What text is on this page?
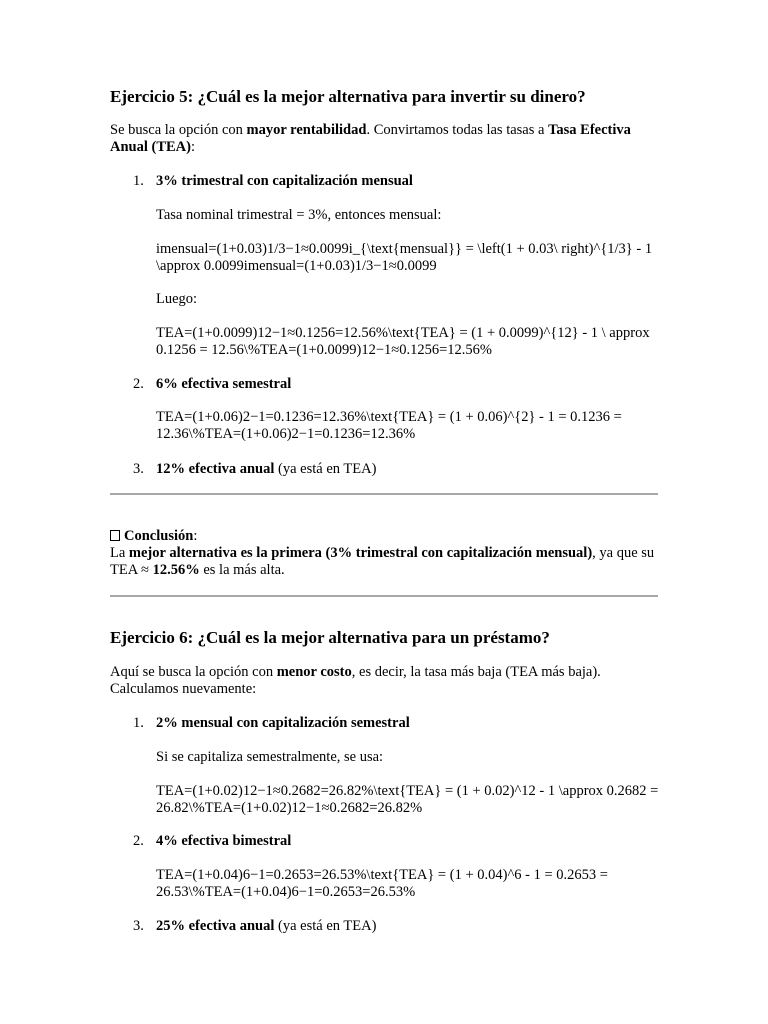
Ejercicio 5: ¿Cuál es la mejor alternativa para invertir su dinero?

Se busca la opción con mayor rentabilidad. Convirtamos todas las tasas a Tasa Efectiva Anual (TEA):

1. 3% trimestral con capitalización mensual

Tasa nominal trimestral = 3%, entonces mensual:

imensual=(1+0.03)1/3−1≈0.0099i_{\text{mensual}} = \left(1 + 0.03\ right)^{1/3} - 1 \approx 0.0099imensual=(1+0.03)1/3−1≈0.0099

Luego:

TEA=(1+0.0099)12−1≈0.1256=12.56%\text{TEA} = (1 + 0.0099)^{12} - 1 \ approx 0.1256 = 12.56\%TEA=(1+0.0099)12−1≈0.1256=12.56%

2. 6% efectiva semestral

TEA=(1+0.06)2−1=0.1236=12.36%\text{TEA} = (1 + 0.06)^{2} - 1 = 0.1236 = 12.36\%TEA=(1+0.06)2−1=0.1236=12.36%

3. 12% efectiva anual (ya está en TEA)

Conclusión:

La mejor alternativa es la primera (3% trimestral con capitalización mensual), ya que su TEA ≈ 12.56% es la más alta.

Ejercicio 6: ¿Cuál es la mejor alternativa para un préstamo?

Aquí se busca la opción con menor costo, es decir, la tasa más baja (TEA más baja). Calculamos nuevamente:

1. 2% mensual con capitalización semestral

Si se capitaliza semestralmente, se usa:

TEA=(1+0.02)12−1≈0.2682=26.82%\text{TEA} = (1 + 0.02)^12 - 1 \approx 0.2682 = 26.82\%TEA=(1+0.02)12−1≈0.2682=26.82%

2. 4% efectiva bimestral

TEA=(1+0.04)6−1=0.2653=26.53%\text{TEA} = (1 + 0.04)^6 - 1 = 0.2653 = 26.53\%TEA=(1+0.04)6−1=0.2653=26.53%

3. 25% efectiva anual (ya está en TEA)
